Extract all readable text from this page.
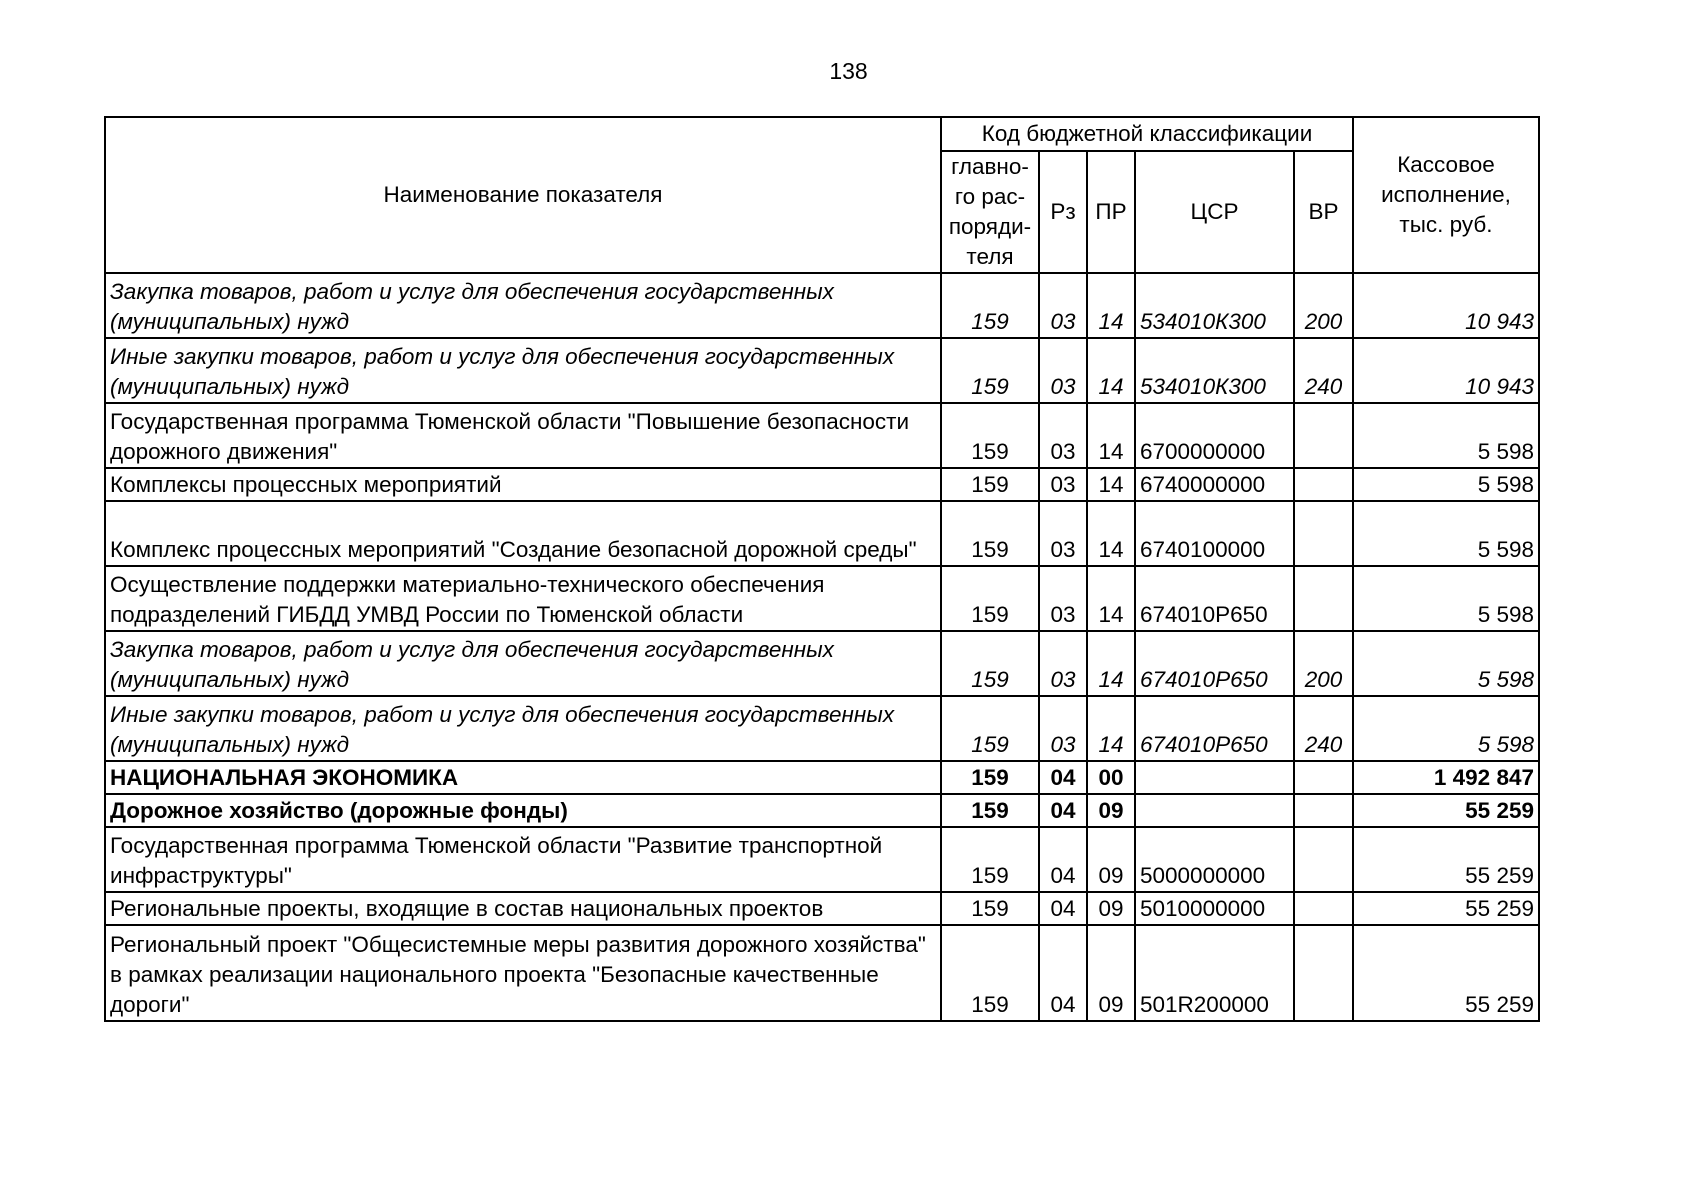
138
Наименование показателя	Код бюджетной классификации					Кассовое исполнение, тыс. руб.
	главно-го рас-поряди-теля	Рз	ПР	ЦСР	ВР	
Закупка товаров, работ и услуг для обеспечения государственных (муниципальных) нужд	159	03	14	534010К300	200	10 943
Иные закупки товаров, работ и услуг для обеспечения государственных (муниципальных) нужд	159	03	14	534010К300	240	10 943
Государственная программа Тюменской области "Повышение безопасности дорожного движения"	159	03	14	6700000000		5 598
Комплексы процессных мероприятий	159	03	14	6740000000		5 598
Комплекс процессных мероприятий "Создание безопасной дорожной среды"	159	03	14	6740100000		5 598
Осуществление поддержки материально-технического обеспечения подразделений ГИБДД УМВД России по Тюменской области	159	03	14	674010Р650		5 598
Закупка товаров, работ и услуг для обеспечения государственных (муниципальных) нужд	159	03	14	674010Р650	200	5 598
Иные закупки товаров, работ и услуг для обеспечения государственных (муниципальных) нужд	159	03	14	674010Р650	240	5 598
НАЦИОНАЛЬНАЯ ЭКОНОМИКА	159	04	00			1 492 847
Дорожное хозяйство (дорожные фонды)	159	04	09			55 259
Государственная программа Тюменской области "Развитие транспортной инфраструктуры"	159	04	09	5000000000		55 259
Региональные проекты, входящие в состав национальных проектов	159	04	09	5010000000		55 259
Региональный проект "Общесистемные меры развития дорожного хозяйства" в рамках реализации национального проекта "Безопасные качественные дороги"	159	04	09	501R200000		55 259
